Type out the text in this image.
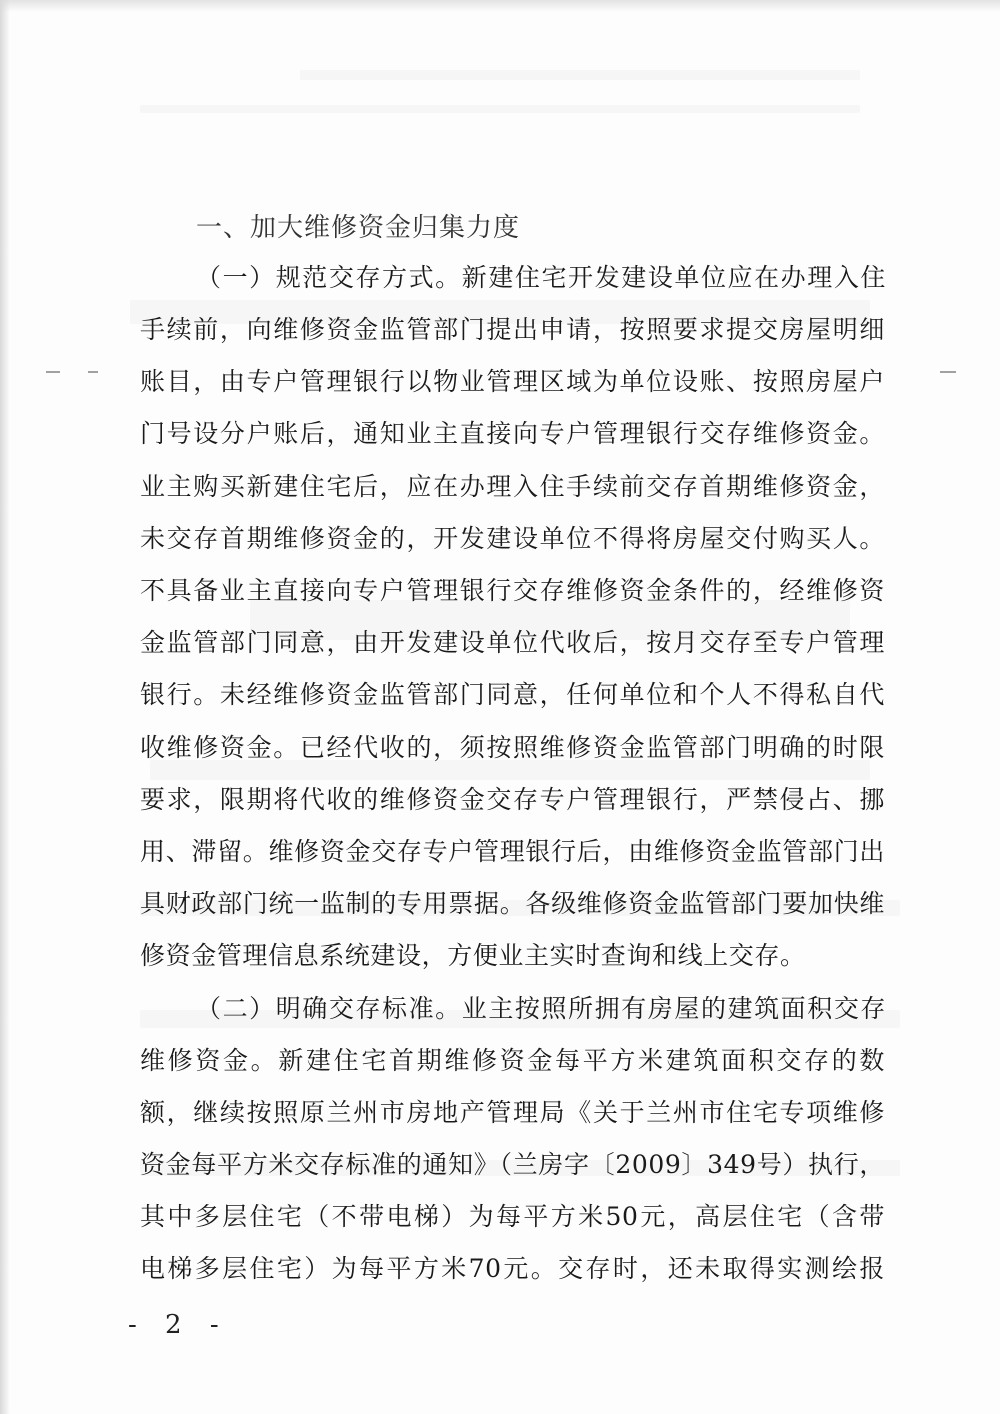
一、加大维修资金归集力度
（一）规范交存方式。新建住宅开发建设单位应在办理入住
手续前，向维修资金监管部门提出申请，按照要求提交房屋明细
账目，由专户管理银行以物业管理区域为单位设账、按照房屋户
门号设分户账后，通知业主直接向专户管理银行交存维修资金。
业主购买新建住宅后，应在办理入住手续前交存首期维修资金，
未交存首期维修资金的，开发建设单位不得将房屋交付购买人。
不具备业主直接向专户管理银行交存维修资金条件的，经维修资
金监管部门同意，由开发建设单位代收后，按月交存至专户管理
银行。未经维修资金监管部门同意，任何单位和个人不得私自代
收维修资金。已经代收的，须按照维修资金监管部门明确的时限
要求，限期将代收的维修资金交存专户管理银行，严禁侵占、挪
用、滞留。维修资金交存专户管理银行后，由维修资金监管部门出
具财政部门统一监制的专用票据。各级维修资金监管部门要加快维
修资金管理信息系统建设，方便业主实时查询和线上交存。
（二）明确交存标准。业主按照所拥有房屋的建筑面积交存
维修资金。新建住宅首期维修资金每平方米建筑面积交存的数
额，继续按照原兰州市房地产管理局《关于兰州市住宅专项维修
资金每平方米交存标准的通知》（兰房字〔2009〕349号）执行，
其中多层住宅（不带电梯）为每平方米50元，高层住宅（含带
电梯多层住宅）为每平方米70元。交存时，还未取得实测绘报
- 2 -
